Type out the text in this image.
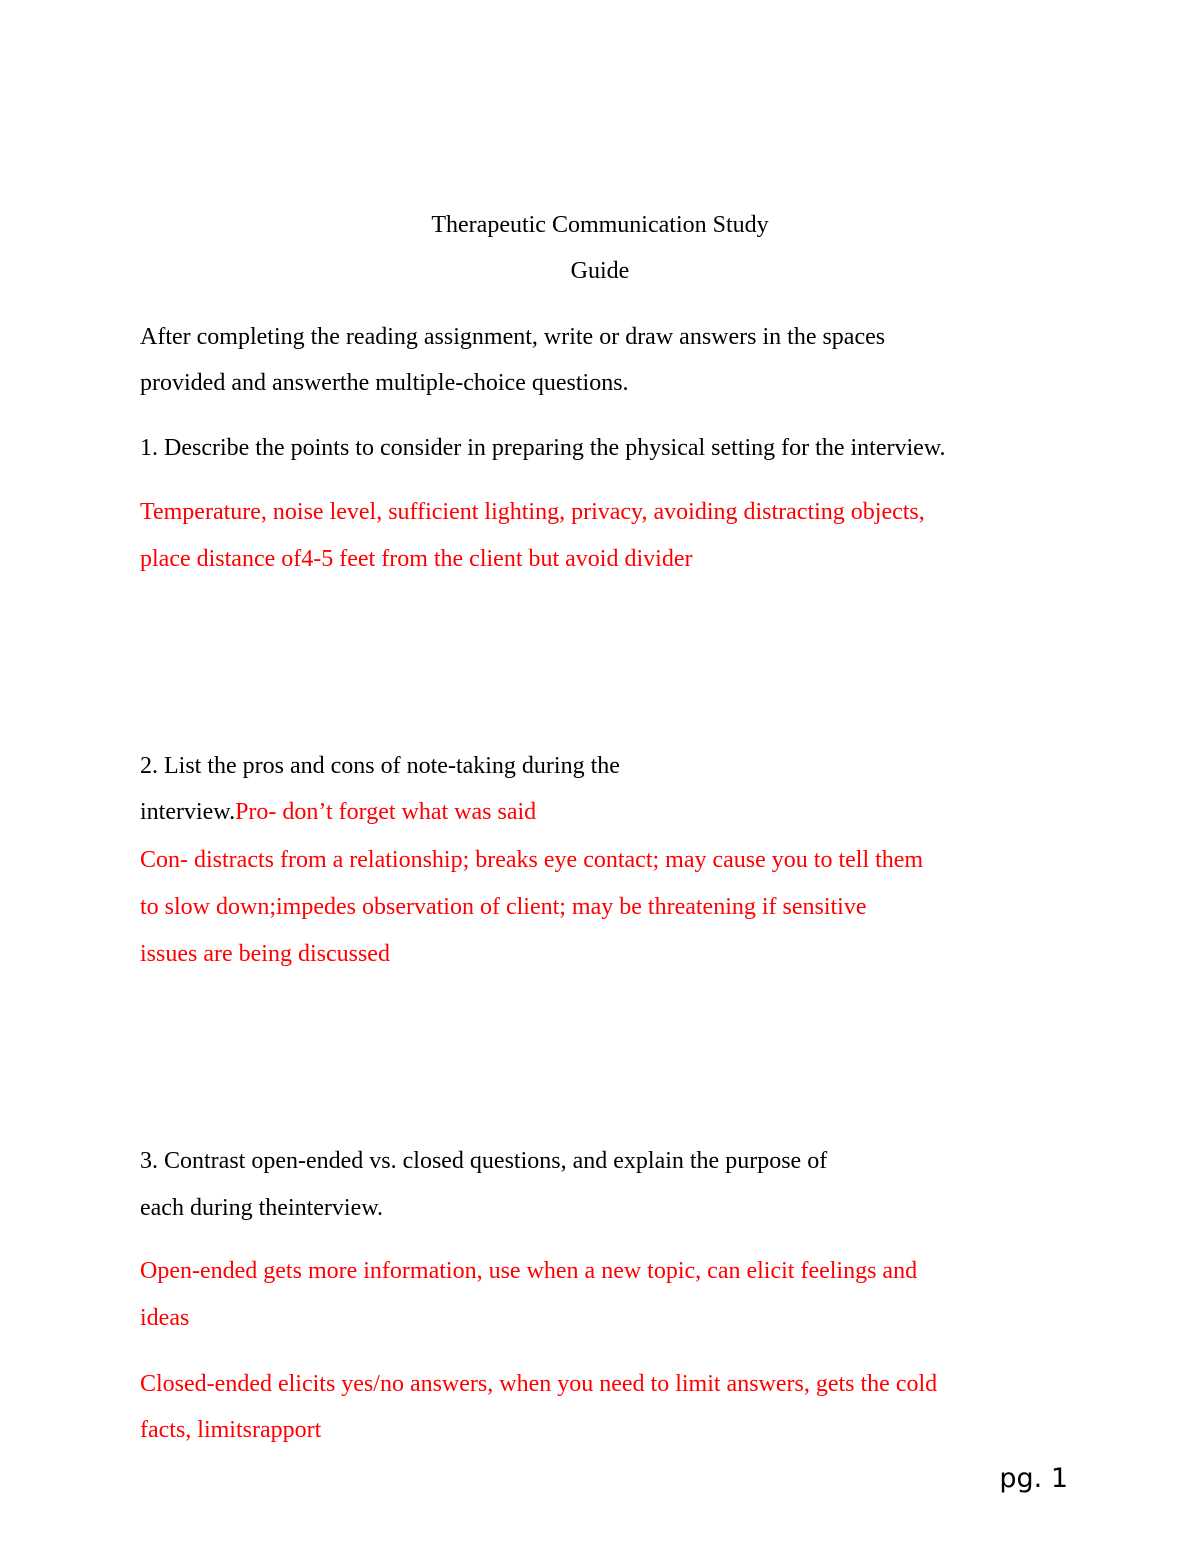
Therapeutic Communication Study
Guide
After completing the reading assignment, write or draw answers in the spaces
provided and answerthe multiple-choice questions.
1. Describe the points to consider in preparing the physical setting for the interview.
Temperature, noise level, sufficient lighting, privacy, avoiding distracting objects,
place distance of4-5 feet from the client but avoid divider
2. List the pros and cons of note-taking during the
interview.Pro- don’t forget what was said
Con- distracts from a relationship; breaks eye contact; may cause you to tell them
to slow down;impedes observation of client; may be threatening if sensitive
issues are being discussed
3. Contrast open-ended vs. closed questions, and explain the purpose of
each during theinterview.
Open-ended gets more information, use when a new topic, can elicit feelings and
ideas
Closed-ended elicits yes/no answers, when you need to limit answers, gets the cold
facts, limitsrapport
pg. 1
